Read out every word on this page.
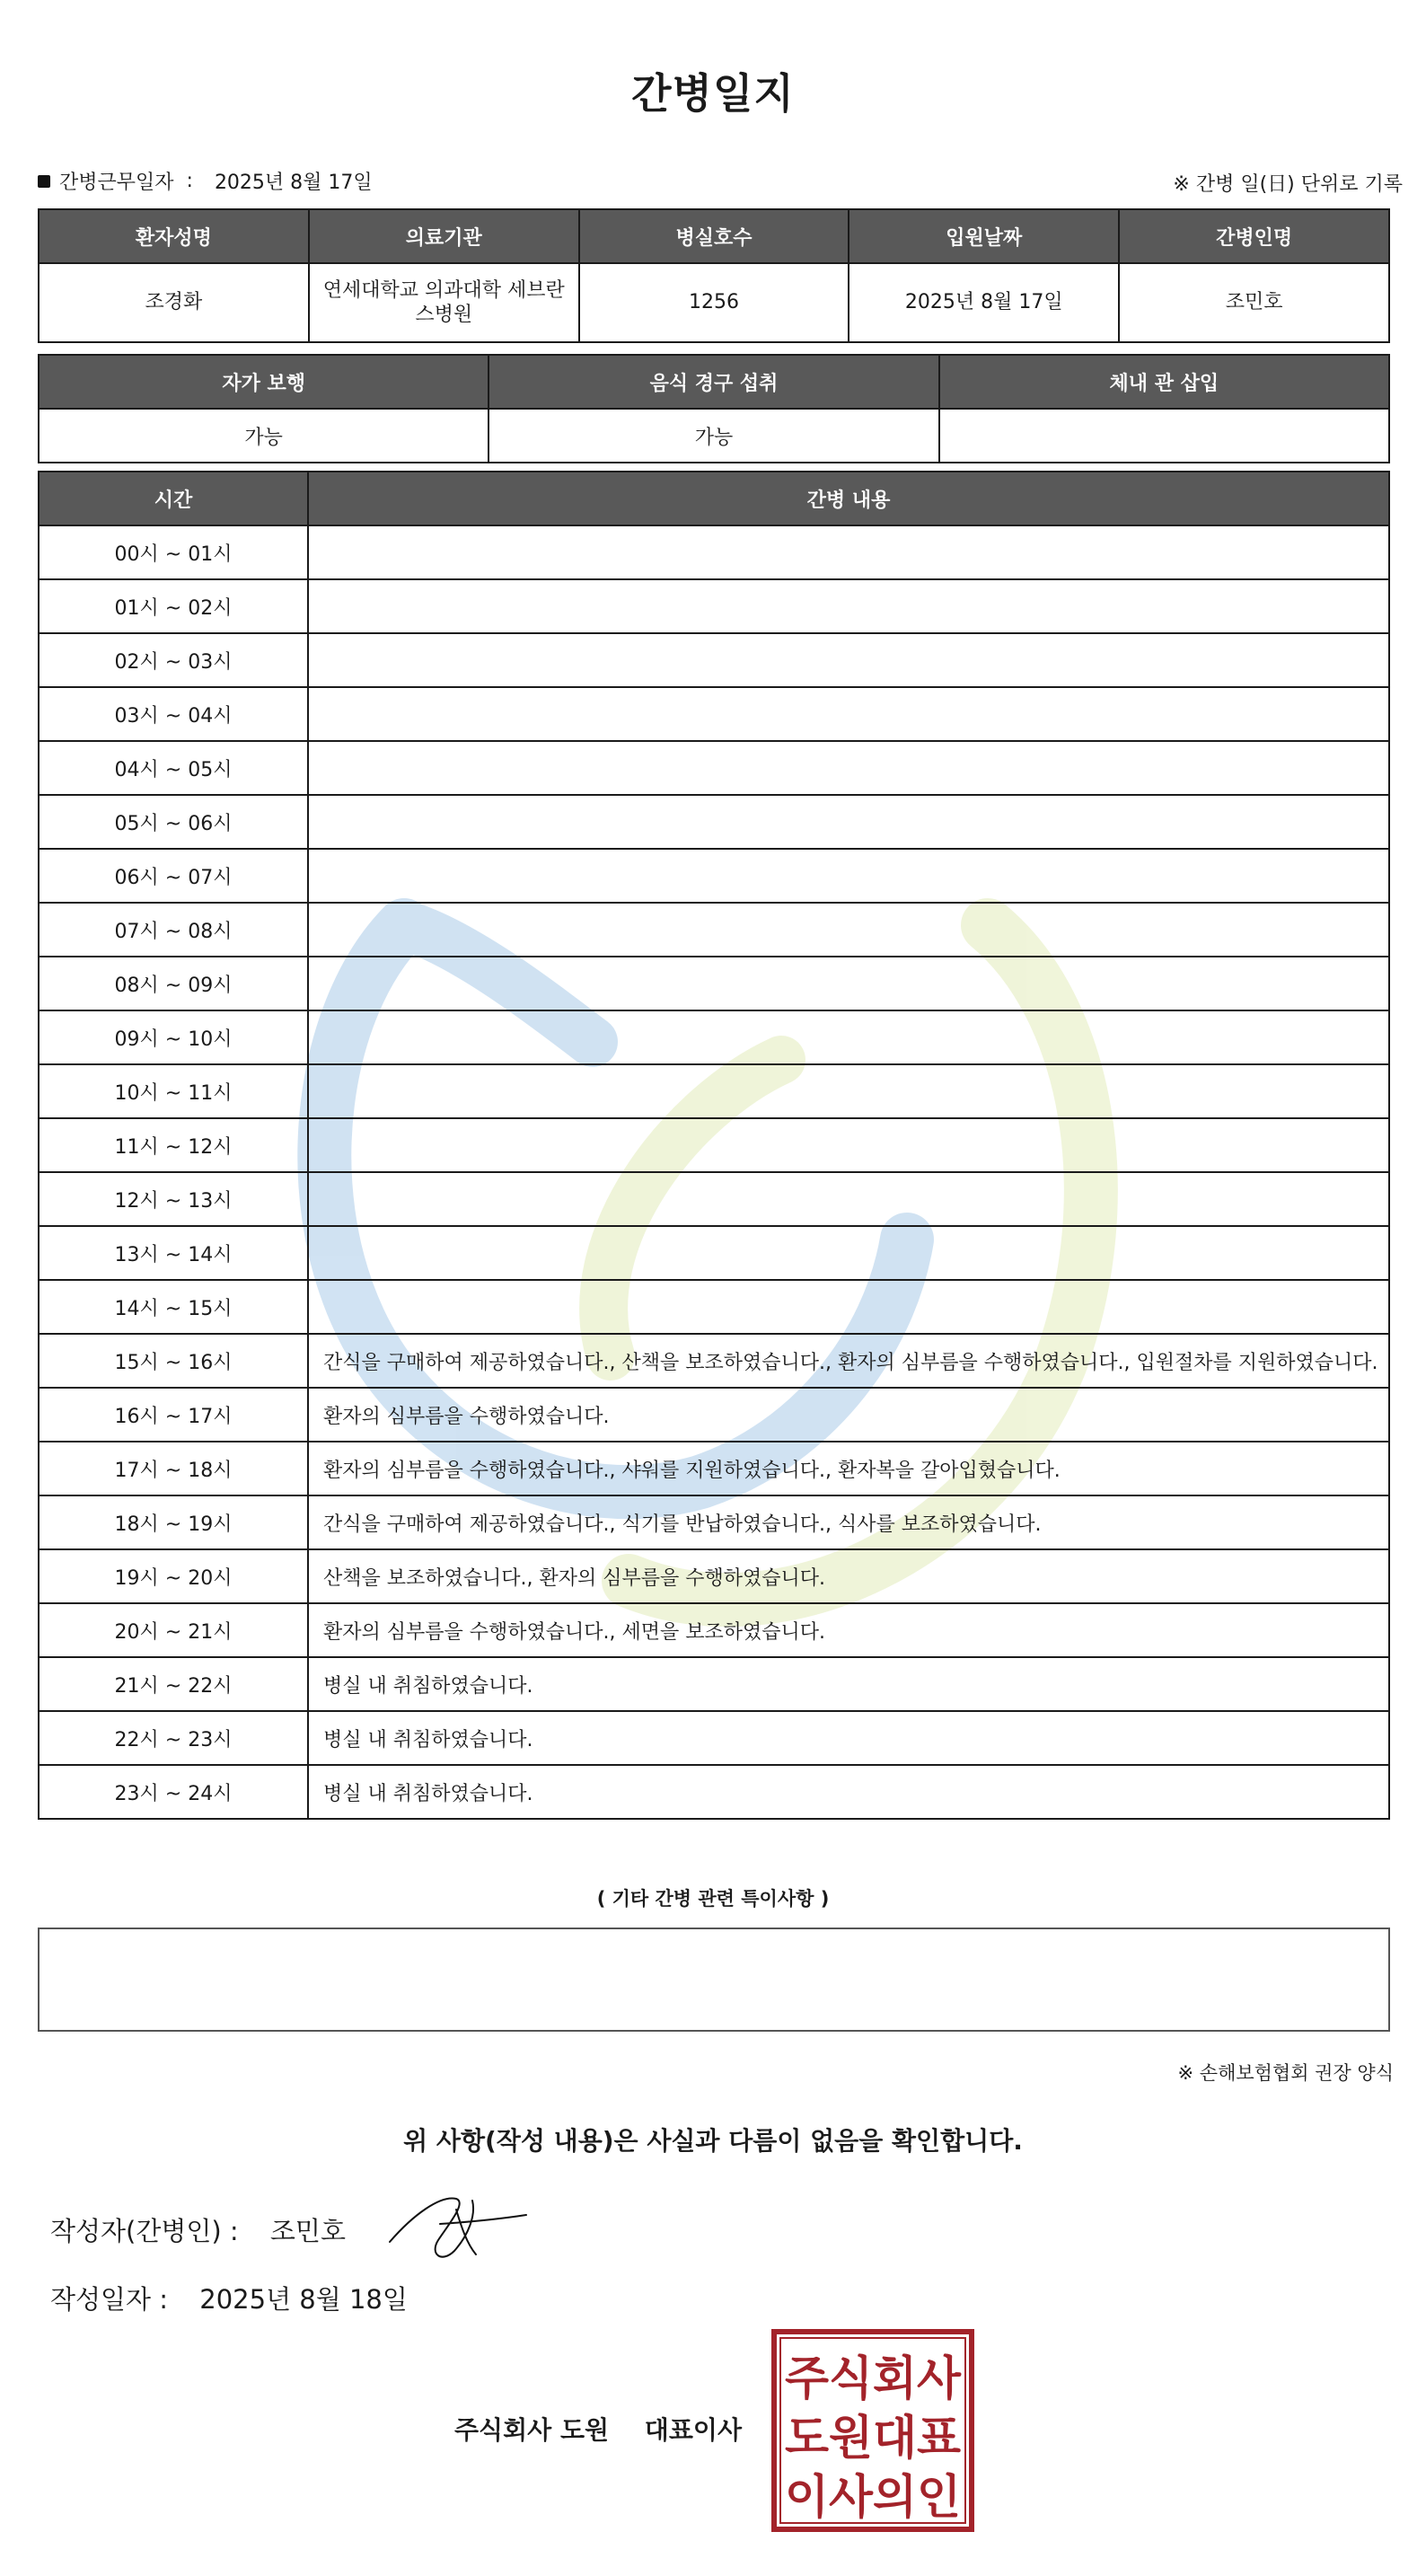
간병일지
간병근무일자 : 2025년 8월 17일	※ 간병 일(日) 단위로 기록
환자성명	의료기관	병실호수	입원날짜	간병인명
조경화	연세대학교 의과대학 세브란스병원	1256	2025년 8월 17일	조민호
자가 보행	음식 경구 섭취	체내 관 삽입
가능	가능	
시간	간병 내용
00시 ~ 01시	
01시 ~ 02시	
02시 ~ 03시	
03시 ~ 04시	
04시 ~ 05시	
05시 ~ 06시	
06시 ~ 07시	
07시 ~ 08시	
08시 ~ 09시	
09시 ~ 10시	
10시 ~ 11시	
11시 ~ 12시	
12시 ~ 13시	
13시 ~ 14시	
14시 ~ 15시	
15시 ~ 16시	간식을 구매하여 제공하였습니다., 산책을 보조하였습니다., 환자의 심부름을 수행하였습니다., 입원절차를 지원하였습니다.
16시 ~ 17시	환자의 심부름을 수행하였습니다.
17시 ~ 18시	환자의 심부름을 수행하였습니다., 샤워를 지원하였습니다., 환자복을 갈아입혔습니다.
18시 ~ 19시	간식을 구매하여 제공하였습니다., 식기를 반납하였습니다., 식사를 보조하였습니다.
19시 ~ 20시	산책을 보조하였습니다., 환자의 심부름을 수행하였습니다.
20시 ~ 21시	환자의 심부름을 수행하였습니다., 세면을 보조하였습니다.
21시 ~ 22시	병실 내 취침하였습니다.
22시 ~ 23시	병실 내 취침하였습니다.
23시 ~ 24시	병실 내 취침하였습니다.
( 기타 간병 관련 특이사항 )
※ 손해보험협회 권장 양식
위 사항(작성 내용)은 사실과 다름이 없음을 확인합니다.
작성자(간병인) : 조민호
작성일자 : 2025년 8월 18일
주식회사 도원 대표이사
주식회사
도원대표
이사의인
